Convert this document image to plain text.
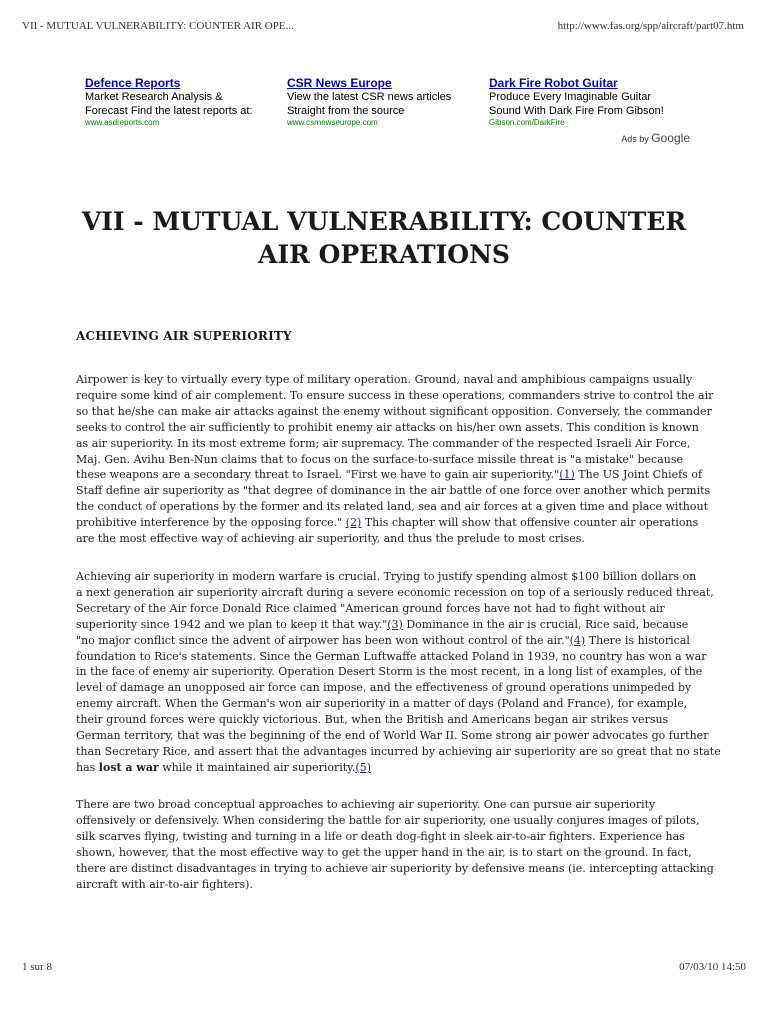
VII - MUTUAL VULNERABILITY: COUNTER AIR OPE...	http://www.fas.org/spp/aircraft/part07.htm
Defence Reports
Market Research Analysis &
Forecast Find the latest reports at:
www.asdreports.com
CSR News Europe
View the latest CSR news articles
Straight from the source
www.csrnewseurope.com
Dark Fire Robot Guitar
Produce Every Imaginable Guitar
Sound With Dark Fire From Gibson!
Gibson.com/DarkFire
Ads by Google
VII - MUTUAL VULNERABILITY: COUNTER
AIR OPERATIONS
ACHIEVING AIR SUPERIORITY

Airpower is key to virtually every type of military operation. Ground, naval and amphibious campaigns usually
require some kind of air complement. To ensure success in these operations, commanders strive to control the air
so that he/she can make air attacks against the enemy without significant opposition. Conversely, the commander
seeks to control the air sufficiently to prohibit enemy air attacks on his/her own assets. This condition is known
as air superiority. In its most extreme form; air supremacy. The commander of the respected Israeli Air Force,
Maj. Gen. Avihu Ben-Nun claims that to focus on the surface-to-surface missile threat is "a mistake" because
these weapons are a secondary threat to Israel. "First we have to gain air superiority."(1) The US Joint Chiefs of
Staff define air superiority as "that degree of dominance in the air battle of one force over another which permits
the conduct of operations by the former and its related land, sea and air forces at a given time and place without
prohibitive interference by the opposing force." (2) This chapter will show that offensive counter air operations
are the most effective way of achieving air superiority, and thus the prelude to most crises.

Achieving air superiority in modern warfare is crucial. Trying to justify spending almost $100 billion dollars on
a next generation air superiority aircraft during a severe economic recession on top of a seriously reduced threat,
Secretary of the Air force Donald Rice claimed "American ground forces have not had to fight without air
superiority since 1942 and we plan to keep it that way."(3) Dominance in the air is crucial, Rice said, because
"no major conflict since the advent of airpower has been won without control of the air."(4) There is historical
foundation to Rice's statements. Since the German Luftwaffe attacked Poland in 1939, no country has won a war
in the face of enemy air superiority. Operation Desert Storm is the most recent, in a long list of examples, of the
level of damage an unopposed air force can impose, and the effectiveness of ground operations unimpeded by
enemy aircraft. When the German's won air superiority in a matter of days (Poland and France), for example,
their ground forces were quickly victorious. But, when the British and Americans began air strikes versus
German territory, that was the beginning of the end of World War II. Some strong air power advocates go further
than Secretary Rice, and assert that the advantages incurred by achieving air superiority are so great that no state
has lost a war while it maintained air superiority.(5)

There are two broad conceptual approaches to achieving air superiority. One can pursue air superiority
offensively or defensively. When considering the battle for air superiority, one usually conjures images of pilots,
silk scarves flying, twisting and turning in a life or death dog-fight in sleek air-to-air fighters. Experience has
shown, however, that the most effective way to get the upper hand in the air, is to start on the ground. In fact,
there are distinct disadvantages in trying to achieve air superiority by defensive means (ie. intercepting attacking
aircraft with air-to-air fighters).

1 sur 8	07/03/10 14:50
